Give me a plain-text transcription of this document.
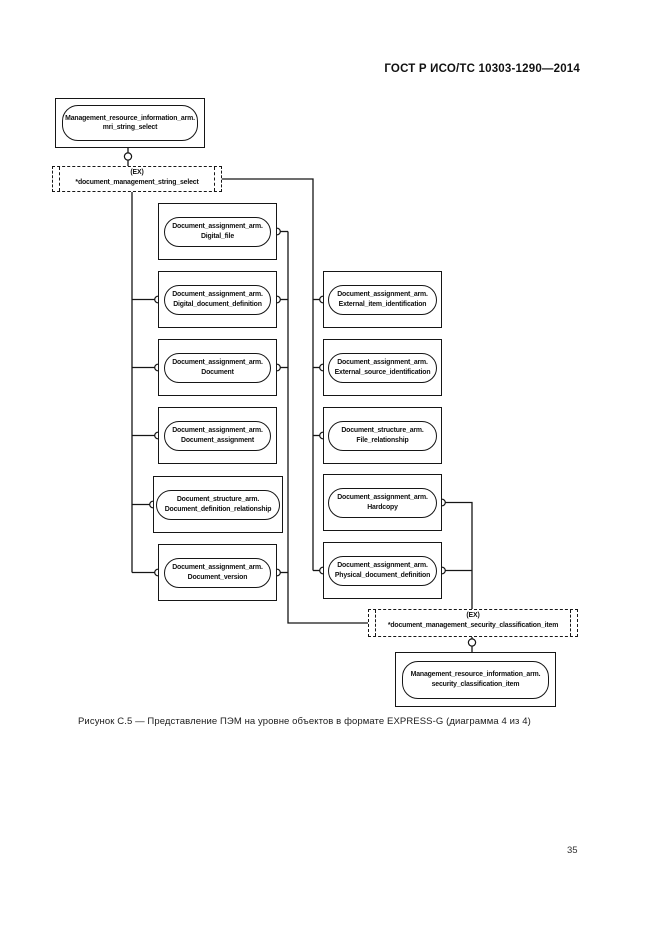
ГОСТ Р ИСО/ТС 10303-1290—2014
Management_resource_information_arm.
mri_string_select
(EX)
*document_management_string_select
Document_assignment_arm.
Digital_file
Document_assignment_arm.
Digital_document_definition
Document_assignment_arm.
Document
Document_assignment_arm.
Document_assignment
Document_structure_arm.
Document_definition_relationship
Document_assignment_arm.
Document_version
Document_assignment_arm.
External_item_identification
Document_assignment_arm.
External_source_identification
Document_structure_arm.
File_relationship
Document_assignment_arm.
Hardcopy
Document_assignment_arm.
Physical_document_definition
(EX)
*document_management_security_classification_item
Management_resource_information_arm.
security_classification_item
Рисунок С.5 — Представление ПЭМ на уровне объектов в формате EXPRESS-G (диаграмма 4 из 4)
35
